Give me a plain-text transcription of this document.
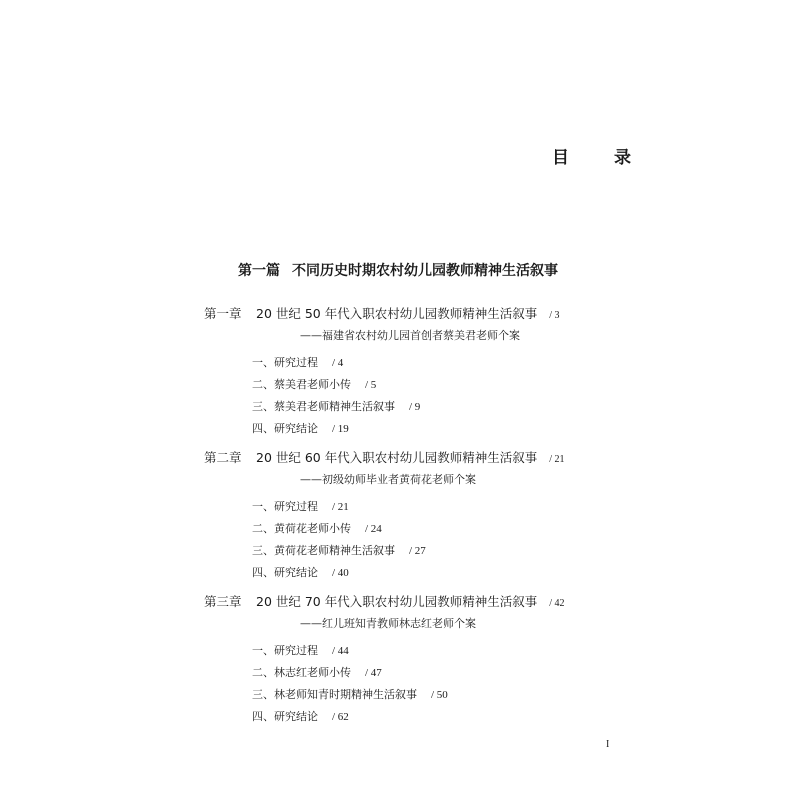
目　录
第一篇 不同历史时期农村幼儿园教师精神生活叙事
第一章	20 世纪 50 年代入职农村幼儿园教师精神生活叙事 / 3
——福建省农村幼儿园首创者蔡美君老师个案
一、研究过程 / 4
二、蔡美君老师小传 / 5
三、蔡美君老师精神生活叙事 / 9
四、研究结论 / 19
第二章	20 世纪 60 年代入职农村幼儿园教师精神生活叙事 / 21
——初级幼师毕业者黄荷花老师个案
一、研究过程 / 21
二、黄荷花老师小传 / 24
三、黄荷花老师精神生活叙事 / 27
四、研究结论 / 40
第三章	20 世纪 70 年代入职农村幼儿园教师精神生活叙事 / 42
——红儿班知青教师林志红老师个案
一、研究过程 / 44
二、林志红老师小传 / 47
三、林老师知青时期精神生活叙事 / 50
四、研究结论 / 62
I
